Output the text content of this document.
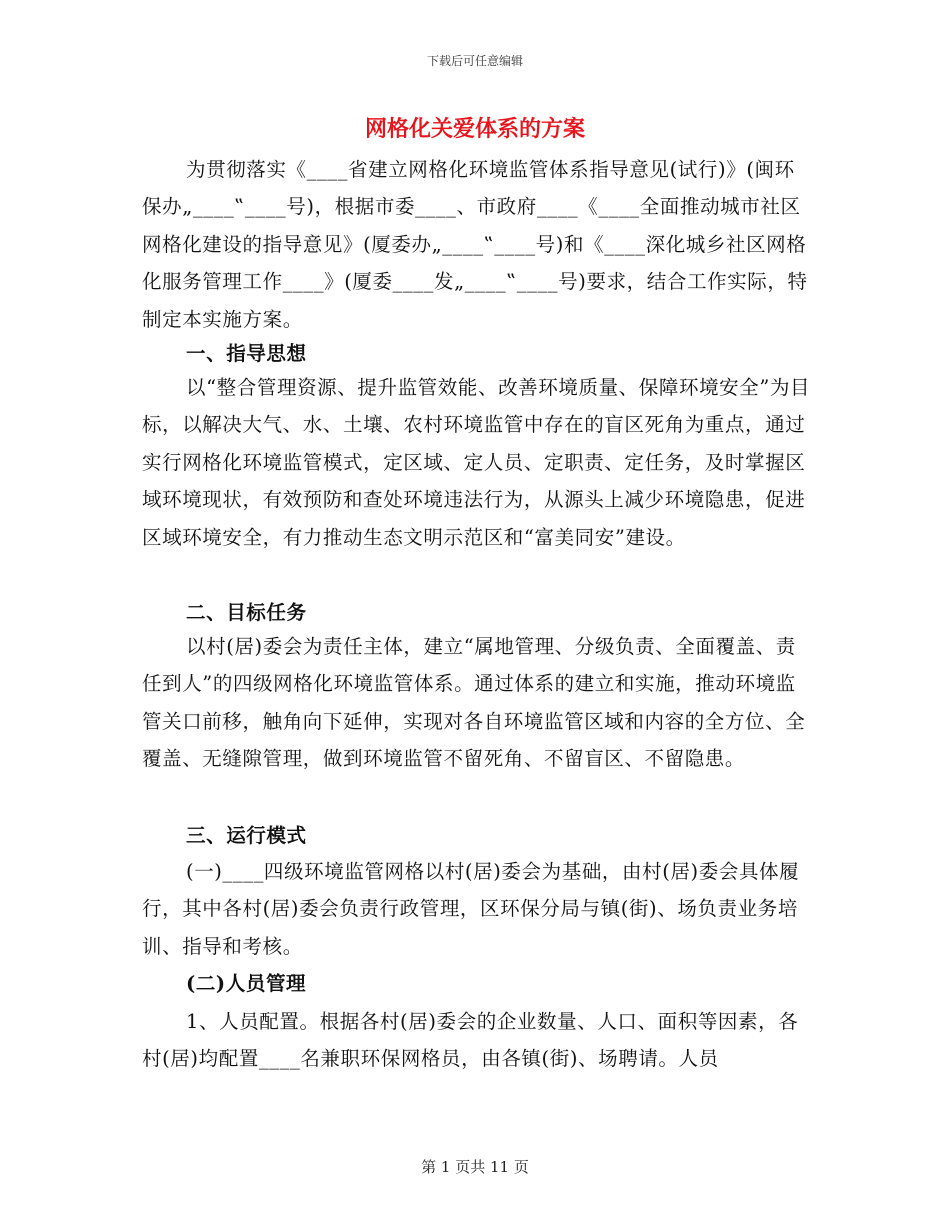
下载后可任意编辑
网格化关爱体系的方案
为贯彻落实《____省建立网格化环境监管体系指导意见(试行)》(闽环保办„____‟____号)，根据市委____、市政府____《____全面推动城市社区网格化建设的指导意见》(厦委办„____‟____号)和《____深化城乡社区网格化服务管理工作____》(厦委____发„____‟____号)要求，结合工作实际，特制定本实施方案。
一、指导思想
以“整合管理资源、提升监管效能、改善环境质量、保障环境安全”为目标，以解决大气、水、土壤、农村环境监管中存在的盲区死角为重点，通过实行网格化环境监管模式，定区域、定人员、定职责、定任务，及时掌握区域环境现状，有效预防和查处环境违法行为，从源头上减少环境隐患，促进区域环境安全，有力推动生态文明示范区和“富美同安”建设。
二、目标任务
以村(居)委会为责任主体，建立“属地管理、分级负责、全面覆盖、责任到人”的四级网格化环境监管体系。通过体系的建立和实施，推动环境监管关口前移，触角向下延伸，实现对各自环境监管区域和内容的全方位、全覆盖、无缝隙管理，做到环境监管不留死角、不留盲区、不留隐患。
三、运行模式
(一)____四级环境监管网格以村(居)委会为基础，由村(居)委会具体履行，其中各村(居)委会负责行政管理，区环保分局与镇(街)、场负责业务培训、指导和考核。
(二)人员管理
1、人员配置。根据各村(居)委会的企业数量、人口、面积等因素，各村(居)均配置____名兼职环保网格员，由各镇(街)、场聘请。人员
第 1 页共 11 页
